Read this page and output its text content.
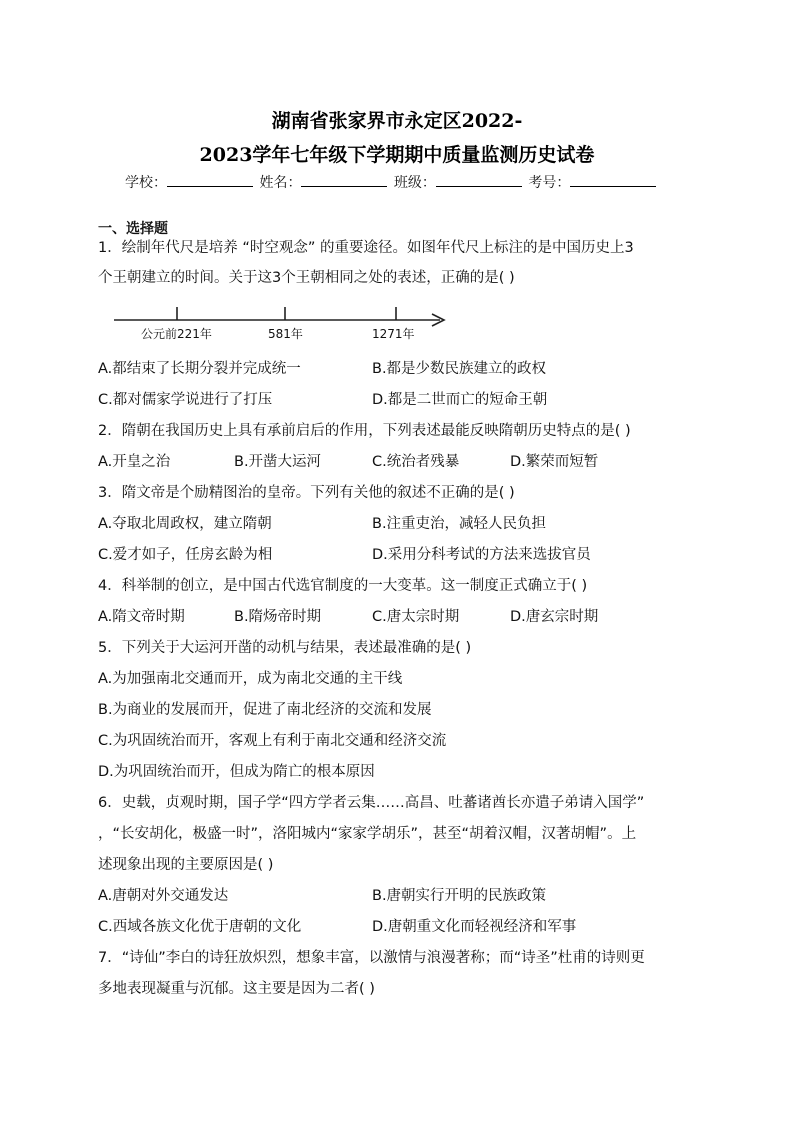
湖南省张家界市永定区2022-
2023学年七年级下学期期中质量监测历史试卷
学校：	姓名：	班级：	考号：
一、选择题
1．绘制年代尺是培养 “时空观念” 的重要途径。如图年代尺上标注的是中国历史上3
个王朝建立的时间。关于这3个王朝相同之处的表述，正确的是( )
公元前221年	581年	1271年
A.都结束了长期分裂并完成统一	B.都是少数民族建立的政权
C.都对儒家学说进行了打压	D.都是二世而亡的短命王朝
2．隋朝在我国历史上具有承前启后的作用，下列表述最能反映隋朝历史特点的是( )
A.开皇之治	B.开凿大运河	C.统治者残暴	D.繁荣而短暂
3．隋文帝是个励精图治的皇帝。下列有关他的叙述不正确的是( )
A.夺取北周政权，建立隋朝	B.注重吏治，减轻人民负担
C.爱才如子，任房玄龄为相	D.采用分科考试的方法来选拔官员
4．科举制的创立，是中国古代选官制度的一大变革。这一制度正式确立于( )
A.隋文帝时期	B.隋炀帝时期	C.唐太宗时期	D.唐玄宗时期
5．下列关于大运河开凿的动机与结果，表述最准确的是( )
A.为加强南北交通而开，成为南北交通的主干线
B.为商业的发展而开，促进了南北经济的交流和发展
C.为巩固统治而开，客观上有利于南北交通和经济交流
D.为巩固统治而开，但成为隋亡的根本原因
6．史载，贞观时期，国子学“四方学者云集……高昌、吐蕃诸酋长亦遣子弟请入国学”
，“长安胡化，极盛一时”，洛阳城内“家家学胡乐”，甚至“胡着汉帽，汉著胡帽”。上
述现象出现的主要原因是( )
A.唐朝对外交通发达	B.唐朝实行开明的民族政策
C.西域各族文化优于唐朝的文化	D.唐朝重文化而轻视经济和军事
7．“诗仙”李白的诗狂放炽烈，想象丰富，以激情与浪漫著称；而“诗圣”杜甫的诗则更
多地表现凝重与沉郁。这主要是因为二者( )
